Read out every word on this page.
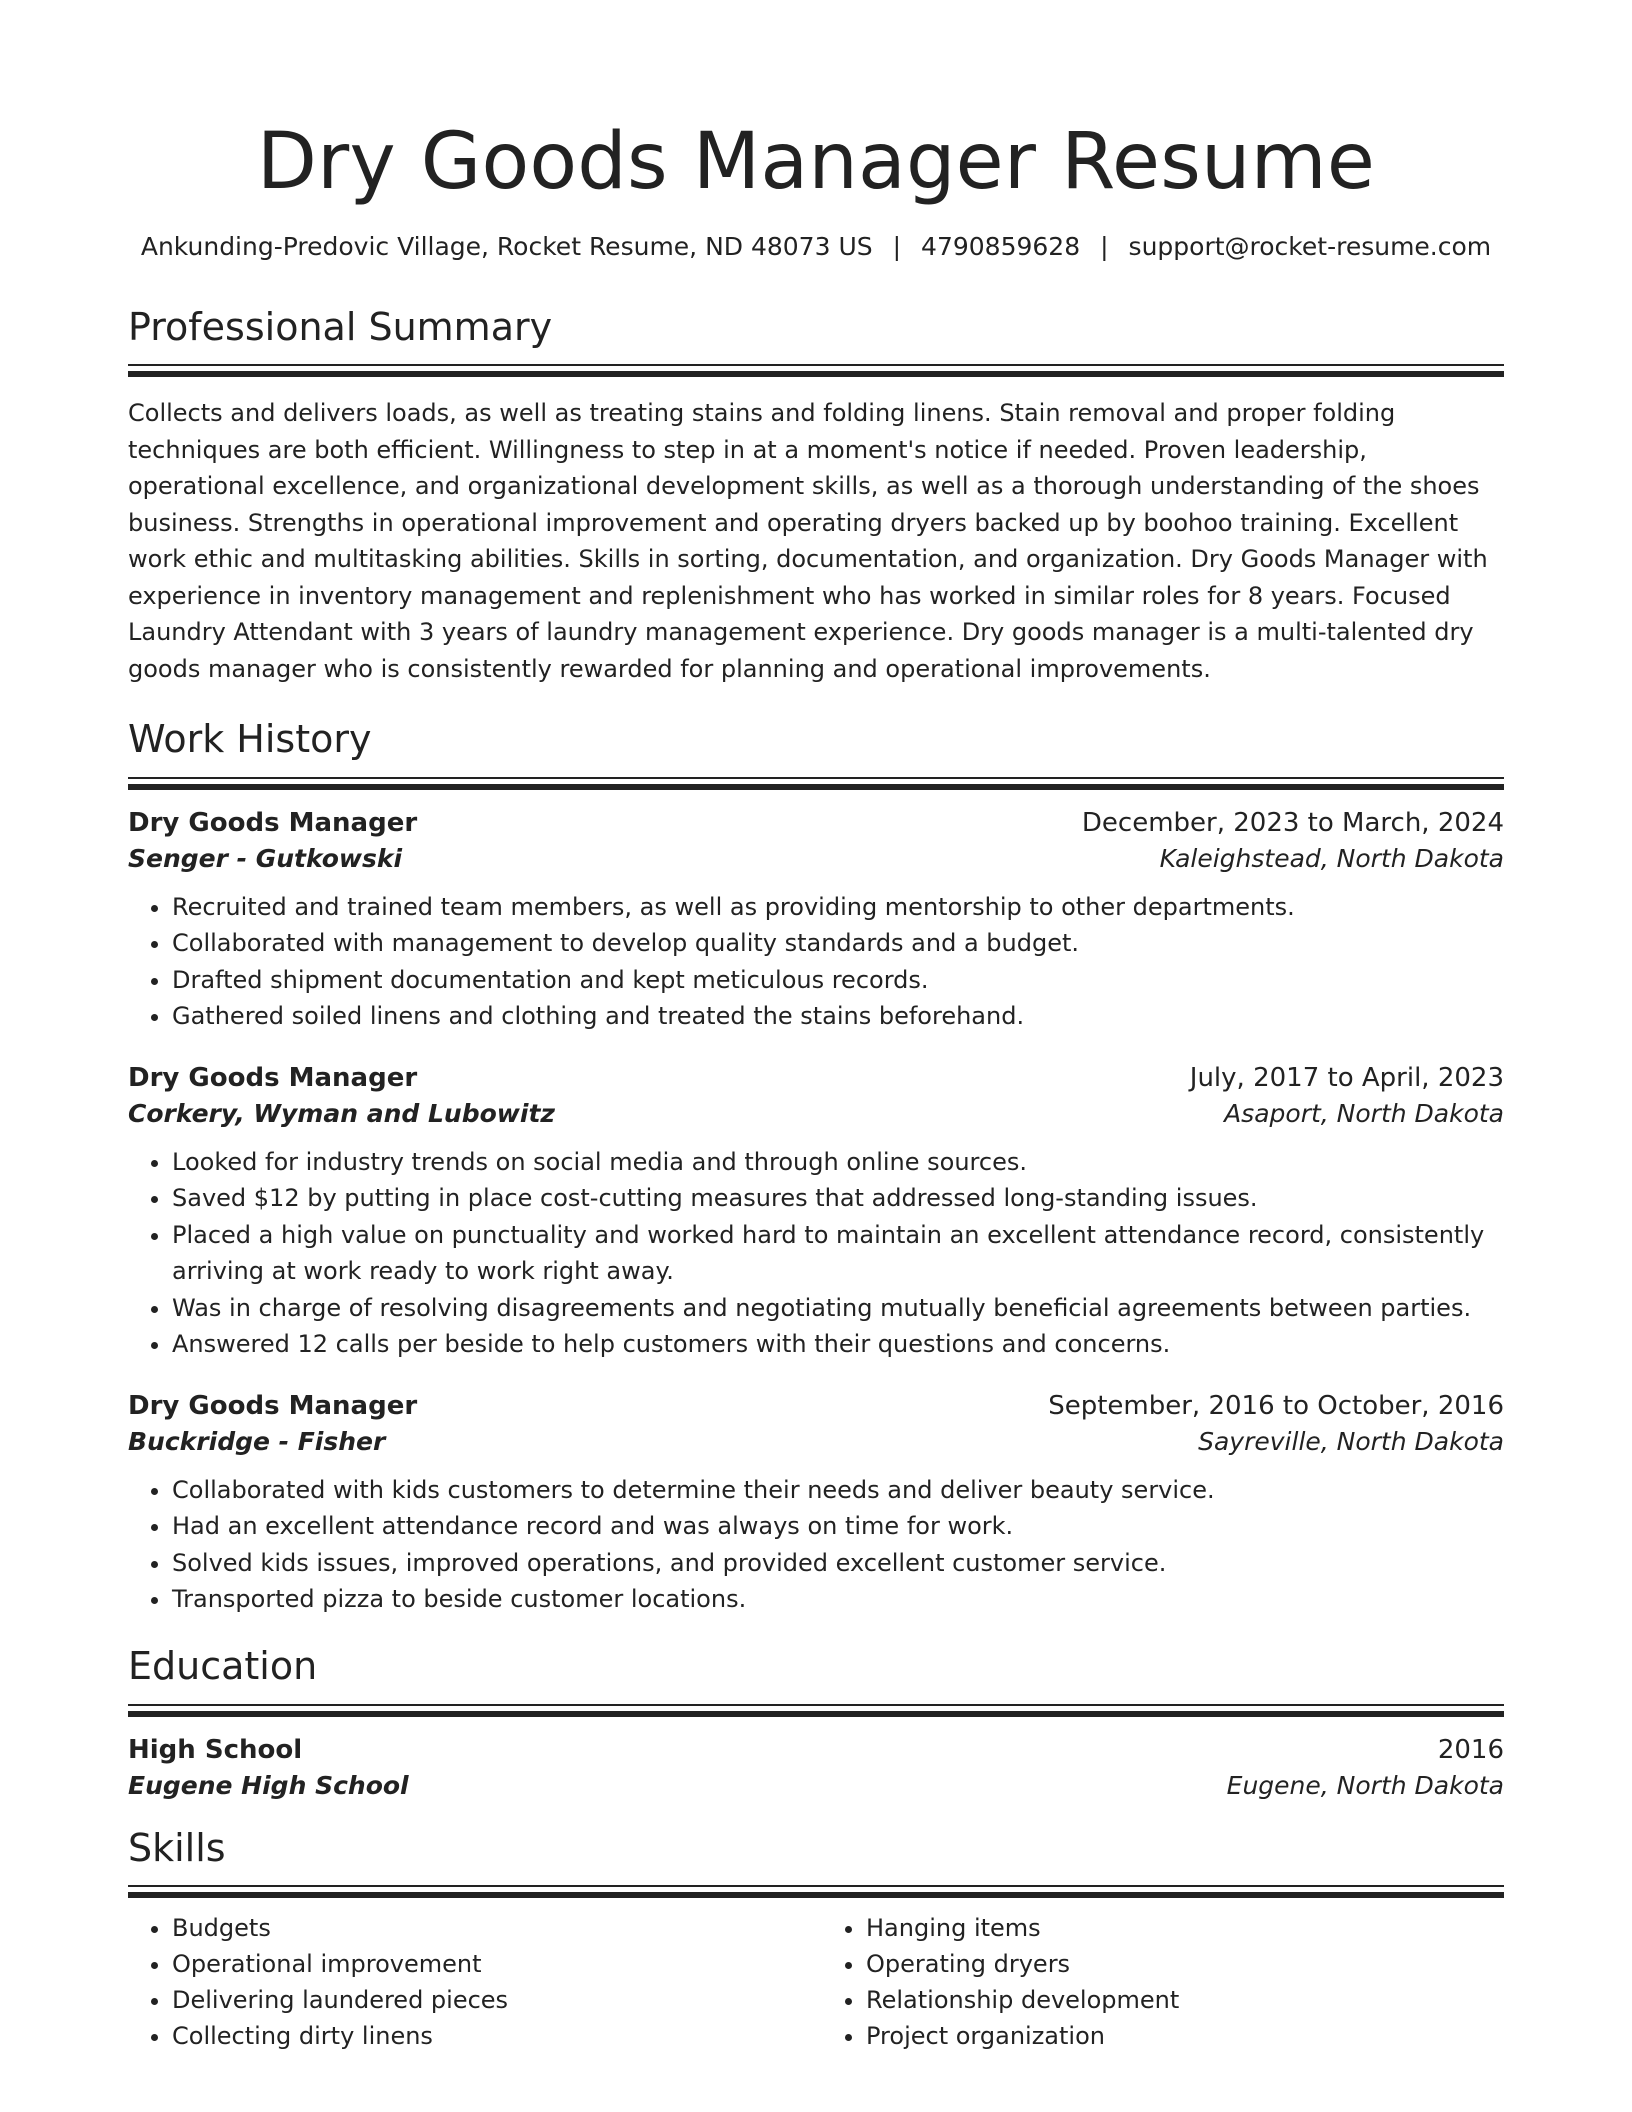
Dry Goods Manager Resume
Ankunding-Predovic Village, Rocket Resume, ND 48073 US | 4790859628 | support@rocket-resume.com
Professional Summary

Collects and delivers loads, as well as treating stains and folding linens. Stain removal and proper folding techniques are both efficient. Willingness to step in at a moment's notice if needed. Proven leadership, operational excellence, and organizational development skills, as well as a thorough understanding of the shoes business. Strengths in operational improvement and operating dryers backed up by boohoo training. Excellent work ethic and multitasking abilities. Skills in sorting, documentation, and organization. Dry Goods Manager with experience in inventory management and replenishment who has worked in similar roles for 8 years. Focused Laundry Attendant with 3 years of laundry management experience. Dry goods manager is a multi-talented dry goods manager who is consistently rewarded for planning and operational improvements.

Work History
Dry Goods Manager	December, 2023 to March, 2024
Senger - Gutkowski	Kaleighstead, North Dakota
• Recruited and trained team members, as well as providing mentorship to other departments.
• Collaborated with management to develop quality standards and a budget.
• Drafted shipment documentation and kept meticulous records.
• Gathered soiled linens and clothing and treated the stains beforehand.
Dry Goods Manager	July, 2017 to April, 2023
Corkery, Wyman and Lubowitz	Asaport, North Dakota
• Looked for industry trends on social media and through online sources.
• Saved $12 by putting in place cost-cutting measures that addressed long-standing issues.
• Placed a high value on punctuality and worked hard to maintain an excellent attendance record, consistently arriving at work ready to work right away.
• Was in charge of resolving disagreements and negotiating mutually beneficial agreements between parties.
• Answered 12 calls per beside to help customers with their questions and concerns.
Dry Goods Manager	September, 2016 to October, 2016
Buckridge - Fisher	Sayreville, North Dakota
• Collaborated with kids customers to determine their needs and deliver beauty service.
• Had an excellent attendance record and was always on time for work.
• Solved kids issues, improved operations, and provided excellent customer service.
• Transported pizza to beside customer locations.
Education
High School	2016
Eugene High School	Eugene, North Dakota
Skills
• Budgets
• Operational improvement
• Delivering laundered pieces
• Collecting dirty linens
• Hanging items
• Operating dryers
• Relationship development
• Project organization
